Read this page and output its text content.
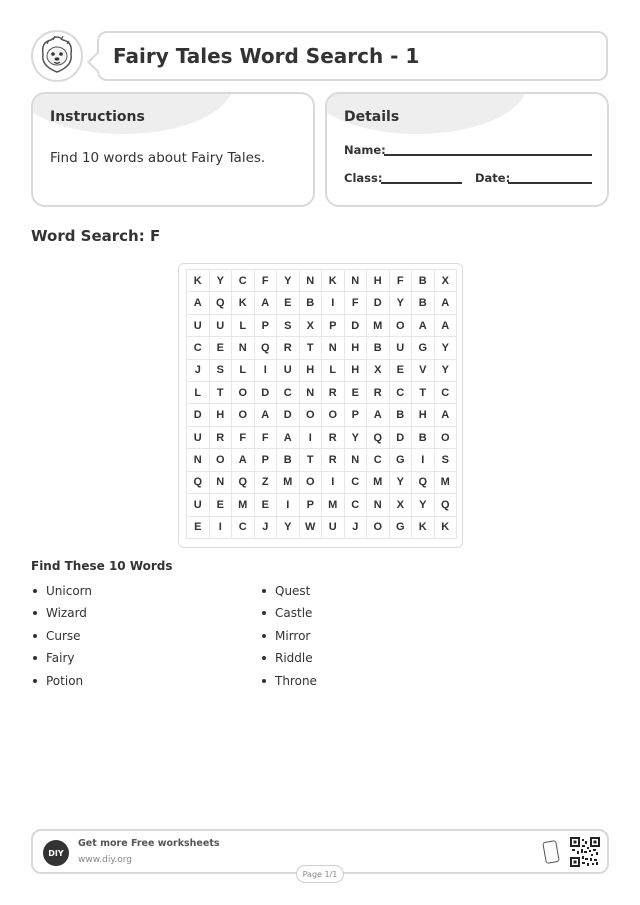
Fairy Tales Word Search - 1
Instructions
Find 10 words about Fairy Tales.
Details
Name:
Class:	Date:
Word Search: F
K	Y	C	F	Y	N	K	N	H	F	B	X
A	Q	K	A	E	B	I	F	D	Y	B	A
U	U	L	P	S	X	P	D	M	O	A	A
C	E	N	Q	R	T	N	H	B	U	G	Y
J	S	L	I	U	H	L	H	X	E	V	Y
L	T	O	D	C	N	R	E	R	C	T	C
D	H	O	A	D	O	O	P	A	B	H	A
U	R	F	F	A	I	R	Y	Q	D	B	O
N	O	A	P	B	T	R	N	C	G	I	S
Q	N	Q	Z	M	O	I	C	M	Y	Q	M
U	E	M	E	I	P	M	C	N	X	Y	Q
E	I	C	J	Y	W	U	J	O	G	K	K
Find These 10 Words
Unicorn
Wizard
Curse
Fairy
Potion
Quest
Castle
Mirror
Riddle
Throne
DIY
Get more Free worksheets
www.diy.org
Page 1/1
